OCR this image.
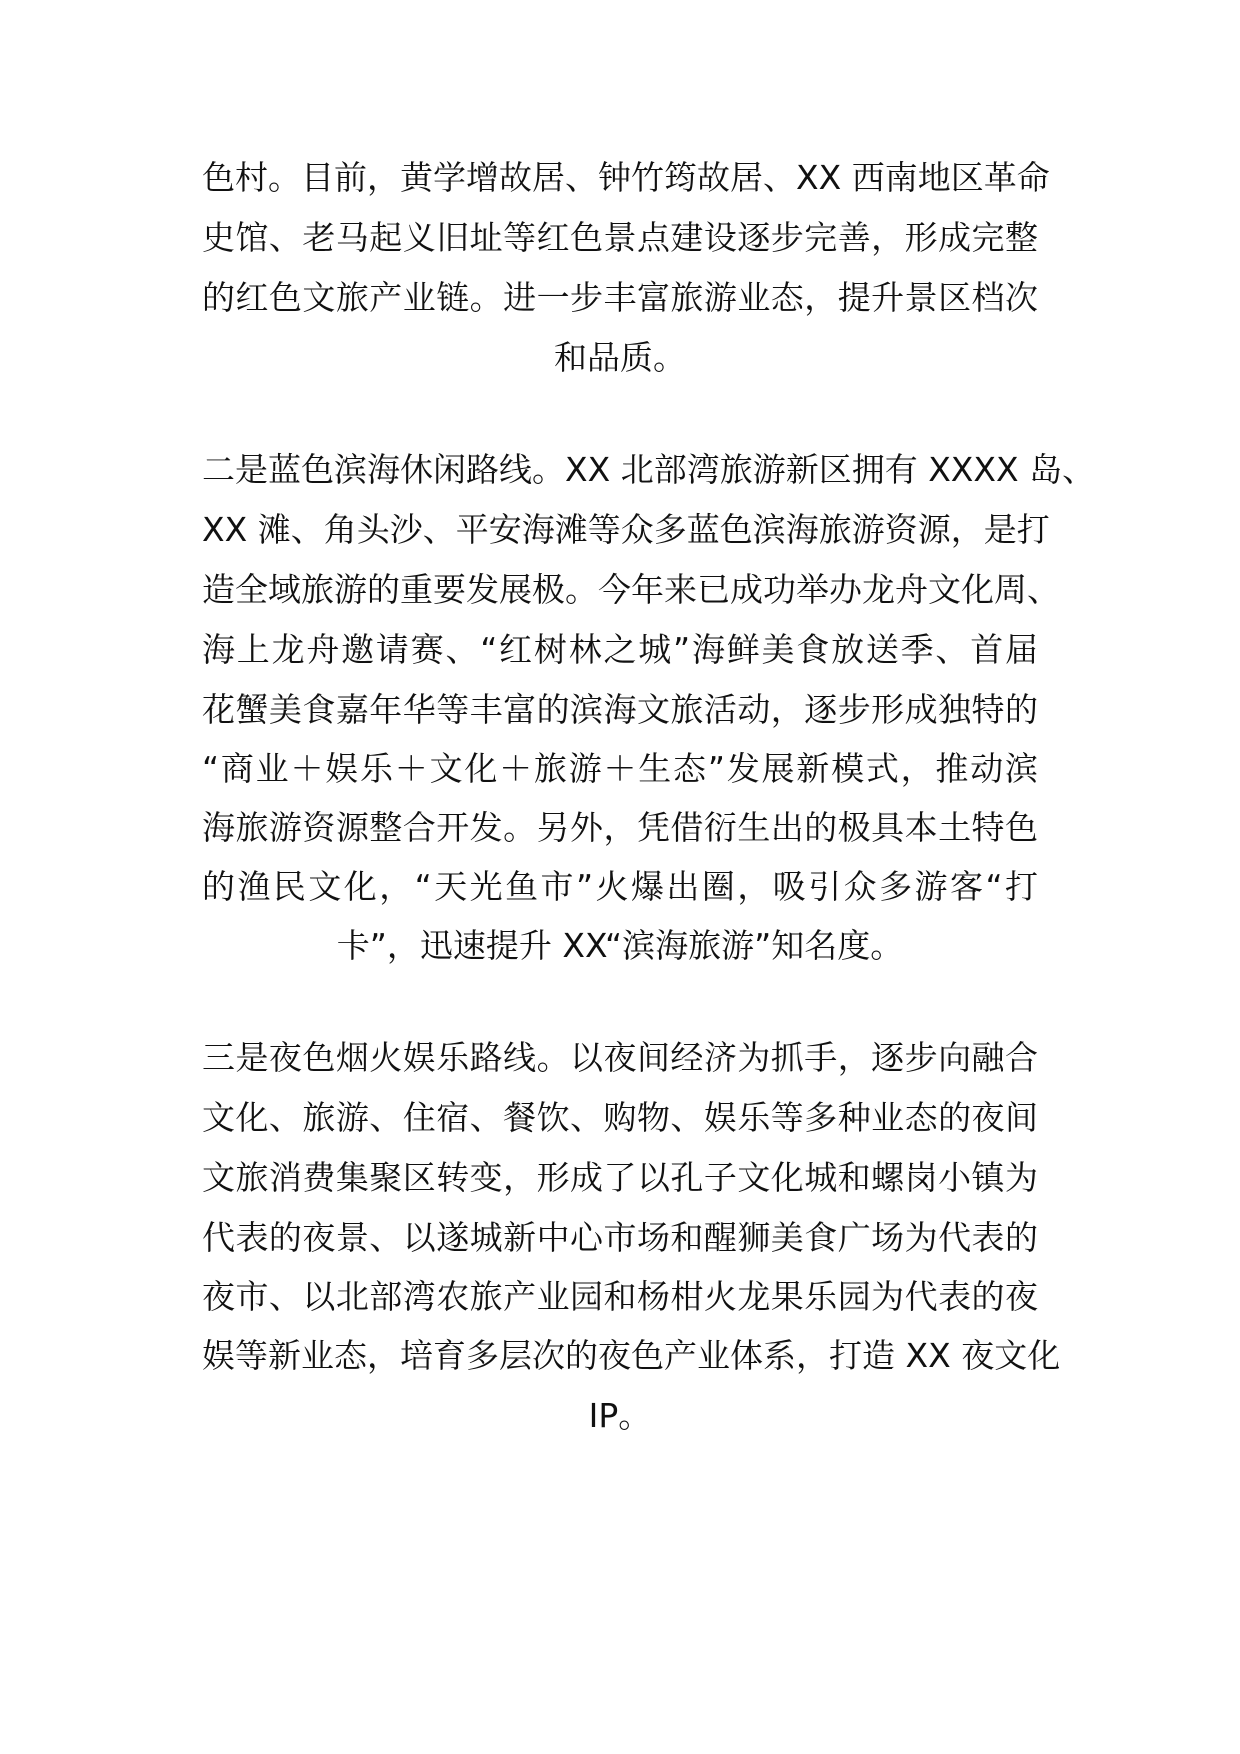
色村。目前，黄学增故居、钟竹筠故居、XX 西南地区革命
史馆、老马起义旧址等红色景点建设逐步完善，形成完整
的红色文旅产业链。进一步丰富旅游业态，提升景区档次
和品质。
二是蓝色滨海休闲路线。XX 北部湾旅游新区拥有 XXXX 岛、
XX 滩、角头沙、平安海滩等众多蓝色滨海旅游资源，是打
造全域旅游的重要发展极。今年来已成功举办龙舟文化周、
海上龙舟邀请赛、“红树林之城”海鲜美食放送季、首届
花蟹美食嘉年华等丰富的滨海文旅活动，逐步形成独特的
“商业＋娱乐＋文化＋旅游＋生态”发展新模式，推动滨
海旅游资源整合开发。另外，凭借衍生出的极具本土特色
的渔民文化，“天光鱼市”火爆出圈，吸引众多游客“打
卡”，迅速提升 XX“滨海旅游”知名度。
三是夜色烟火娱乐路线。以夜间经济为抓手，逐步向融合
文化、旅游、住宿、餐饮、购物、娱乐等多种业态的夜间
文旅消费集聚区转变，形成了以孔子文化城和螺岗小镇为
代表的夜景、以遂城新中心市场和醒狮美食广场为代表的
夜市、以北部湾农旅产业园和杨柑火龙果乐园为代表的夜
娱等新业态，培育多层次的夜色产业体系，打造 XX 夜文化
IP。
